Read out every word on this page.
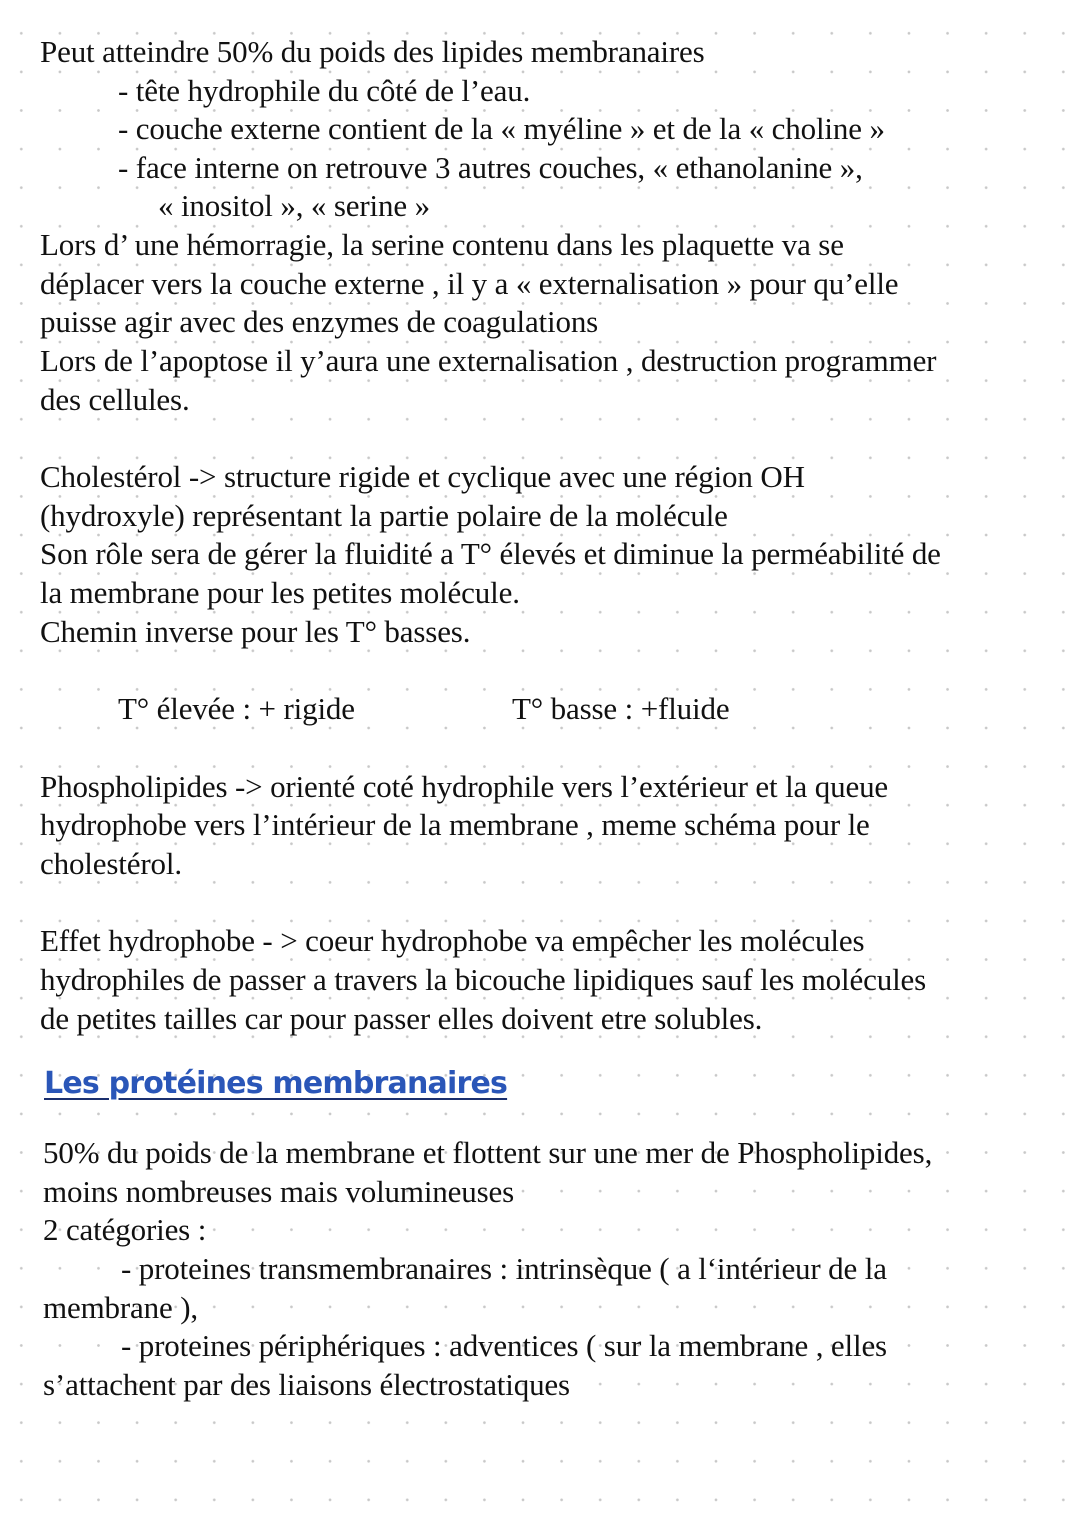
Peut atteindre 50% du poids des lipides membranaires
- tête hydrophile du côté de l’eau.
- couche externe contient de la « myéline » et de la « choline »
- face interne on retrouve 3 autres couches, « ethanolanine »,
« inositol », « serine »
Lors d’ une hémorragie, la serine contenu dans les plaquette va se
déplacer vers la couche externe , il y a « externalisation » pour qu’elle
puisse agir avec des enzymes de coagulations
Lors de l’apoptose il y’aura une externalisation , destruction programmer
des cellules.
Cholestérol -> structure rigide et cyclique avec une région OH
(hydroxyle) représentant la partie polaire de la molécule
Son rôle sera de gérer la fluidité a T° élevés et diminue la perméabilité de
la membrane pour les petites molécule.
Chemin inverse pour les T° basses.
T° élevée : + rigide	T° basse : +fluide
Phospholipides -> orienté coté hydrophile vers l’extérieur et la queue
hydrophobe vers l’intérieur de la membrane , meme schéma pour le
cholestérol.
Effet hydrophobe - > coeur hydrophobe va empêcher les molécules
hydrophiles de passer a travers la bicouche lipidiques sauf les molécules
de petites tailles car pour passer elles doivent etre solubles.
Les protéines membranaires
50% du poids de la membrane et flottent sur une mer de Phospholipides,
moins nombreuses mais volumineuses
2 catégories :
- proteines transmembranaires : intrinsèque ( a l‘intérieur de la
membrane ),
- proteines périphériques : adventices ( sur la membrane , elles
s’attachent par des liaisons électrostatiques
